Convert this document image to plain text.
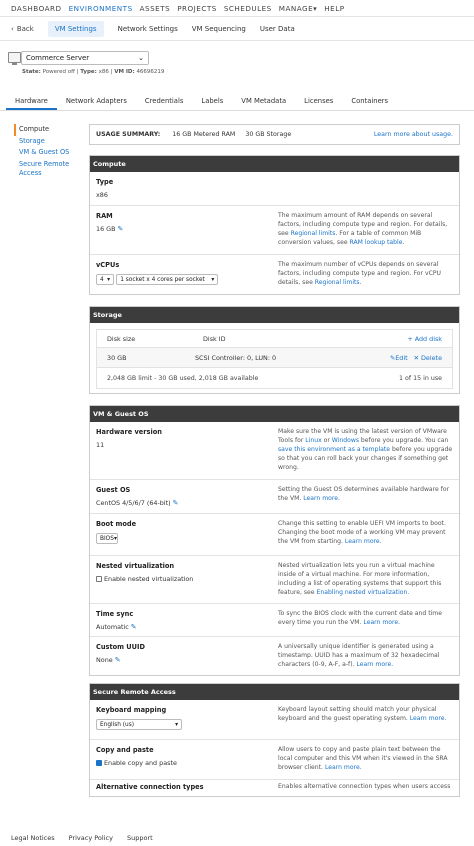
DASHBOARD ENVIRONMENTS ASSETS PROJECTS SCHEDULES MANAGE▾ HELP
‹ Back	VM Settings	Network Settings VM Sequencing User Data
Commerce Server	⌄
State: Powered off | Type: x86 | VM ID: 46696219
Hardware	Network Adapters	Credentials	Labels	VM Metadata	Licenses	Containers
Compute
Storage
VM & Guest OS
Secure Remote Access
USAGE SUMMARY: 16 GB Metered RAM 30 GB Storage	Learn more about usage.
Compute
Type
x86
RAM
16 GB ✎
The maximum amount of RAM depends on several factors, including compute type and region. For details, see Regional limits. For a table of common MiB conversion values, see RAM lookup table.
vCPUs
4 ▾
1 socket x 4 cores per socket ▾
The maximum number of vCPUs depends on several factors, including compute type and region. For vCPU details, see Regional limits.
Storage
Disk size	Disk ID	+ Add disk
30 GB	SCSI Controller: 0, LUN: 0	✎Edit ✕ Delete
2,048 GB limit - 30 GB used, 2,018 GB available	1 of 15 in use
VM & Guest OS
Hardware version
11
Make sure the VM is using the latest version of VMware Tools for Linux or Windows before you upgrade. You can save this environment as a template before you upgrade so that you can roll back your changes if something get wrong.
Guest OS
CentOS 4/5/6/7 (64-bit) ✎
Setting the Guest OS determines available hardware for the VM. Learn more.
Boot mode
BIOS ▾
Change this setting to enable UEFI VM imports to boot. Changing the boot mode of a working VM may prevent the VM from starting. Learn more.
Nested virtualization
Enable nested virtualization
Nested virtualization lets you run a virtual machine inside of a virtual machine. For more information, including a list of operating systems that support this feature, see Enabling nested virtualization.
Time sync
Automatic ✎
To sync the BIOS clock with the current date and time every time you run the VM. Learn more.
Custom UUID
None ✎
A universally unique identifier is generated using a timestamp. UUID has a maximum of 32 hexadecimal characters (0-9, A-F, a-f). Learn more.
Secure Remote Access
Keyboard mapping
English (us)	▾
Keyboard layout setting should match your physical keyboard and the guest operating system. Learn more.
Copy and paste
Enable copy and paste
Allow users to copy and paste plain text between the local computer and this VM when it's viewed in the SRA browser client. Learn more.
Alternative connection types	Enables alternative connection types when users access
Legal Notices Privacy Policy Support
